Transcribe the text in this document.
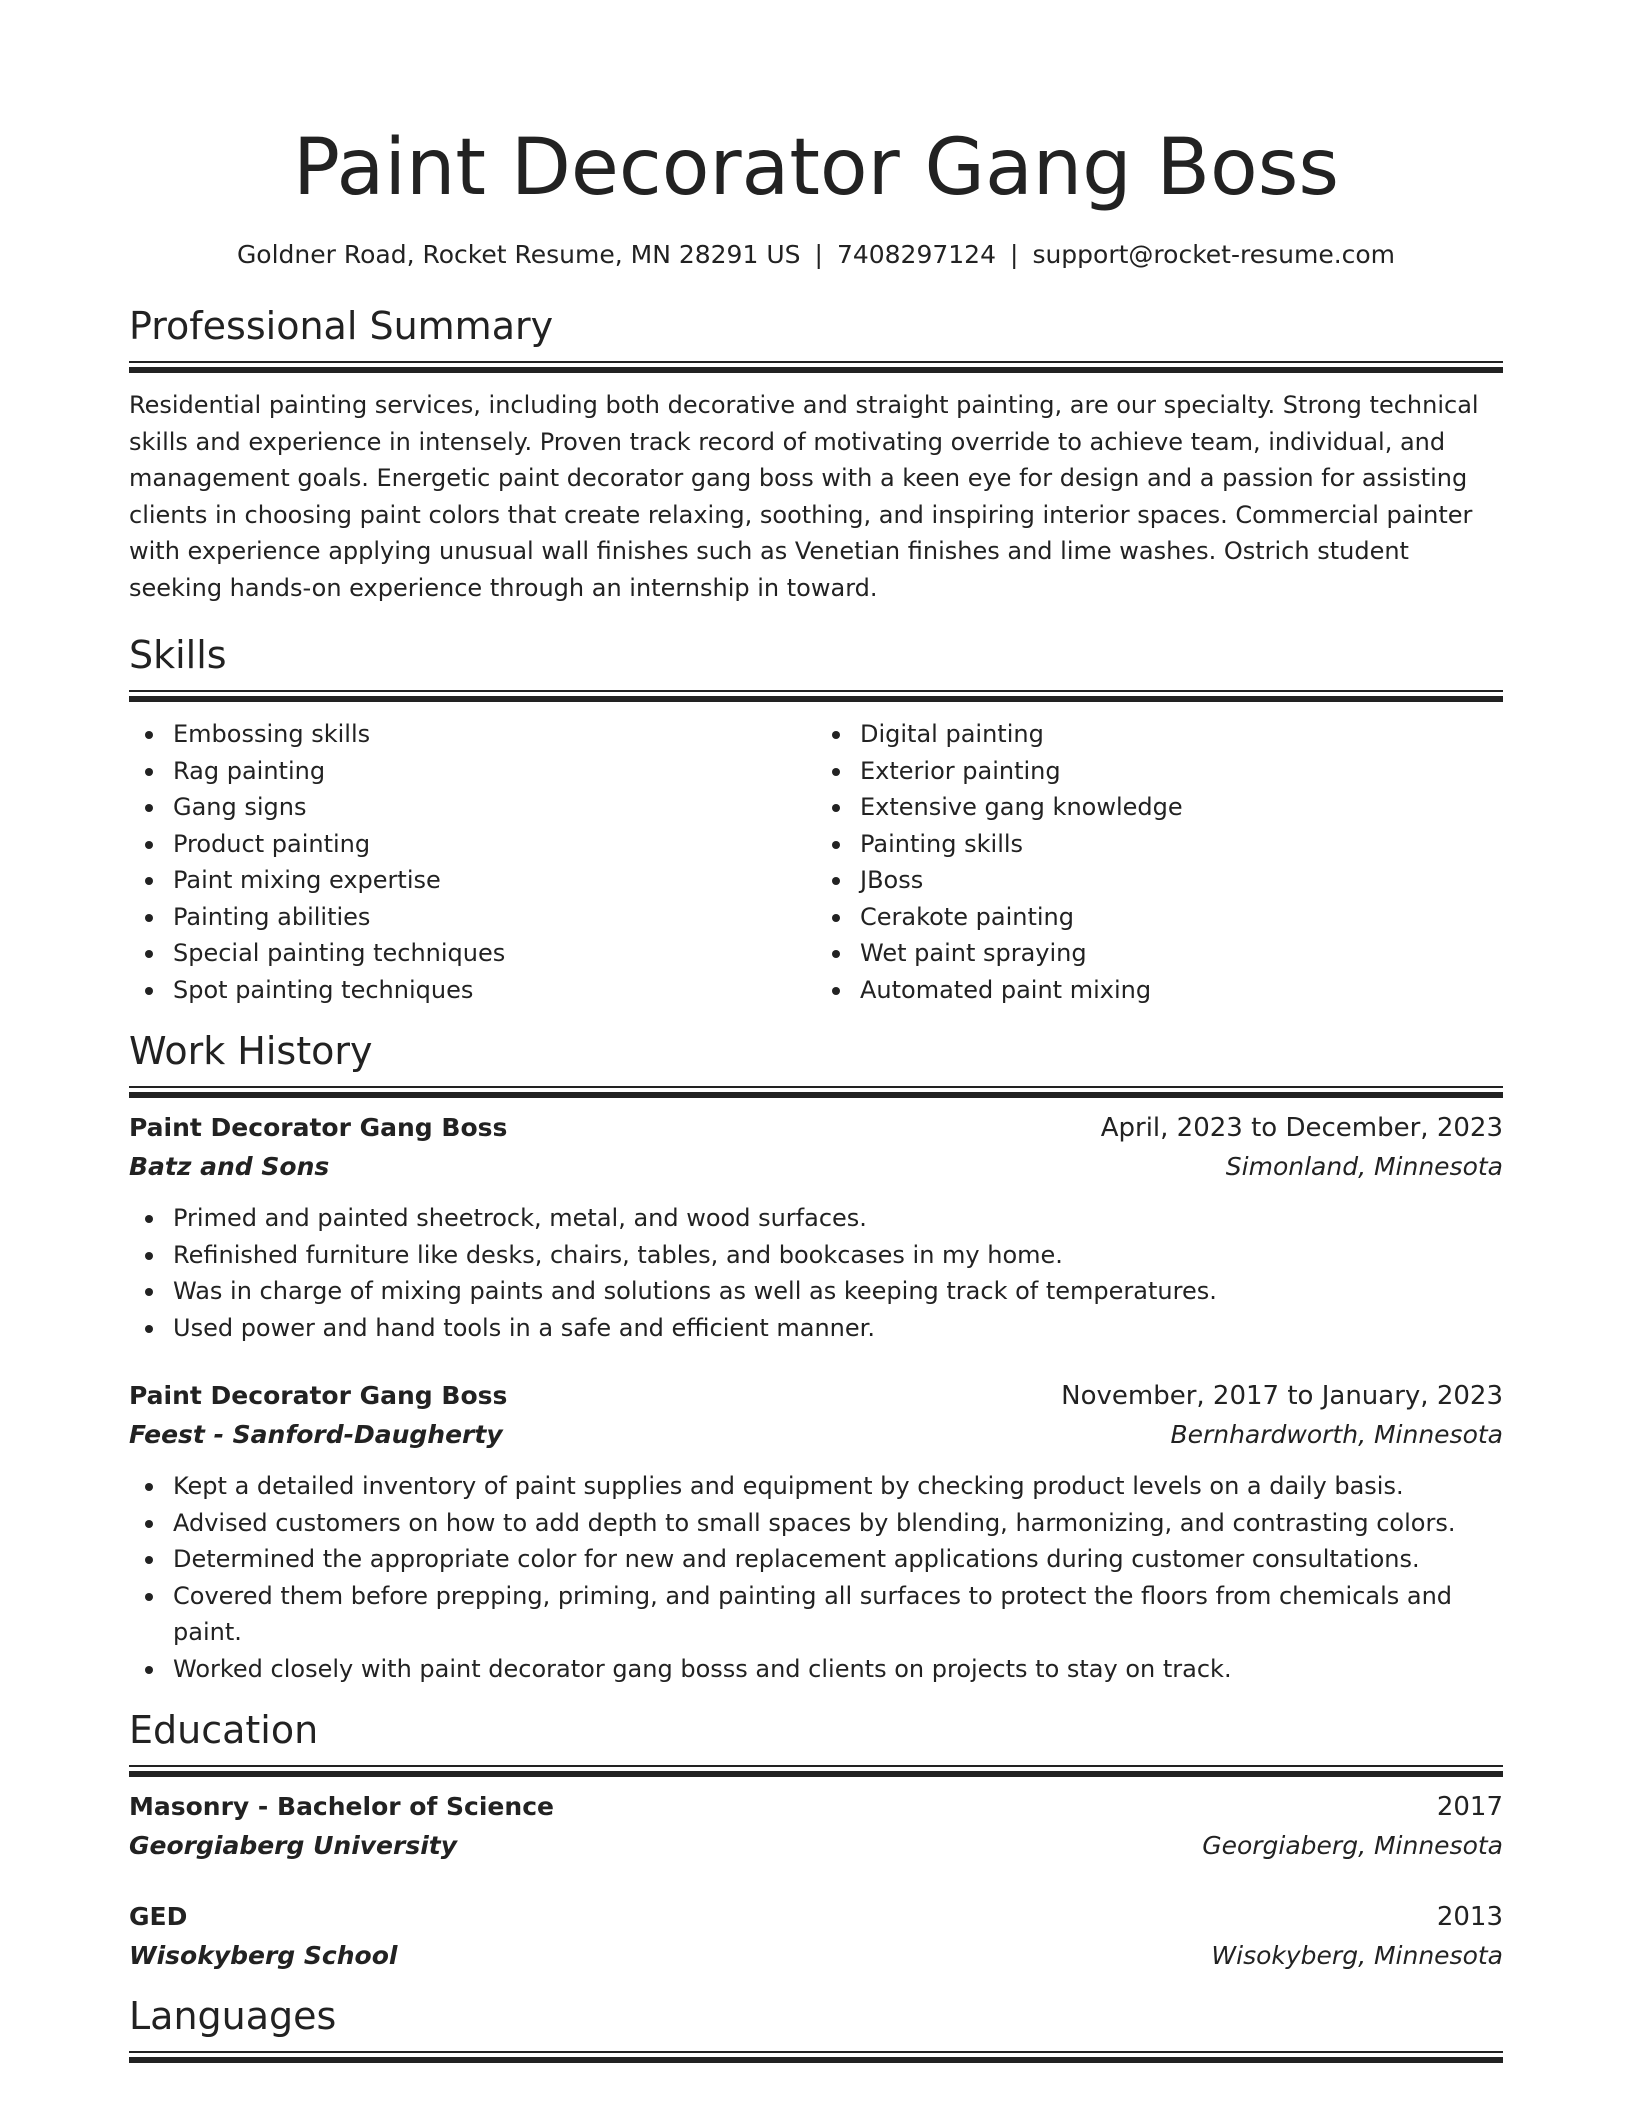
Paint Decorator Gang Boss
Goldner Road, Rocket Resume, MN 28291 US | 7408297124 | support@rocket-resume.com
Professional Summary

Residential painting services, including both decorative and straight painting, are our specialty. Strong technical skills and experience in intensely. Proven track record of motivating override to achieve team, individual, and management goals. Energetic paint decorator gang boss with a keen eye for design and a passion for assisting clients in choosing paint colors that create relaxing, soothing, and inspiring interior spaces. Commercial painter with experience applying unusual wall finishes such as Venetian finishes and lime washes. Ostrich student seeking hands-on experience through an internship in toward.

Skills
Embossing skills
Rag painting
Gang signs
Product painting
Paint mixing expertise
Painting abilities
Special painting techniques
Spot painting techniques
Digital painting
Exterior painting
Extensive gang knowledge
Painting skills
JBoss
Cerakote painting
Wet paint spraying
Automated paint mixing
Work History
Paint Decorator Gang Boss	April, 2023 to December, 2023
Batz and Sons	Simonland, Minnesota
Primed and painted sheetrock, metal, and wood surfaces.
Refinished furniture like desks, chairs, tables, and bookcases in my home.
Was in charge of mixing paints and solutions as well as keeping track of temperatures.
Used power and hand tools in a safe and efficient manner.
Paint Decorator Gang Boss	November, 2017 to January, 2023
Feest - Sanford-Daugherty	Bernhardworth, Minnesota
Kept a detailed inventory of paint supplies and equipment by checking product levels on a daily basis.
Advised customers on how to add depth to small spaces by blending, harmonizing, and contrasting colors.
Determined the appropriate color for new and replacement applications during customer consultations.
Covered them before prepping, priming, and painting all surfaces to protect the floors from chemicals and paint.
Worked closely with paint decorator gang bosss and clients on projects to stay on track.
Education
Masonry - Bachelor of Science	2017
Georgiaberg University	Georgiaberg, Minnesota
GED	2013
Wisokyberg School	Wisokyberg, Minnesota
Languages
